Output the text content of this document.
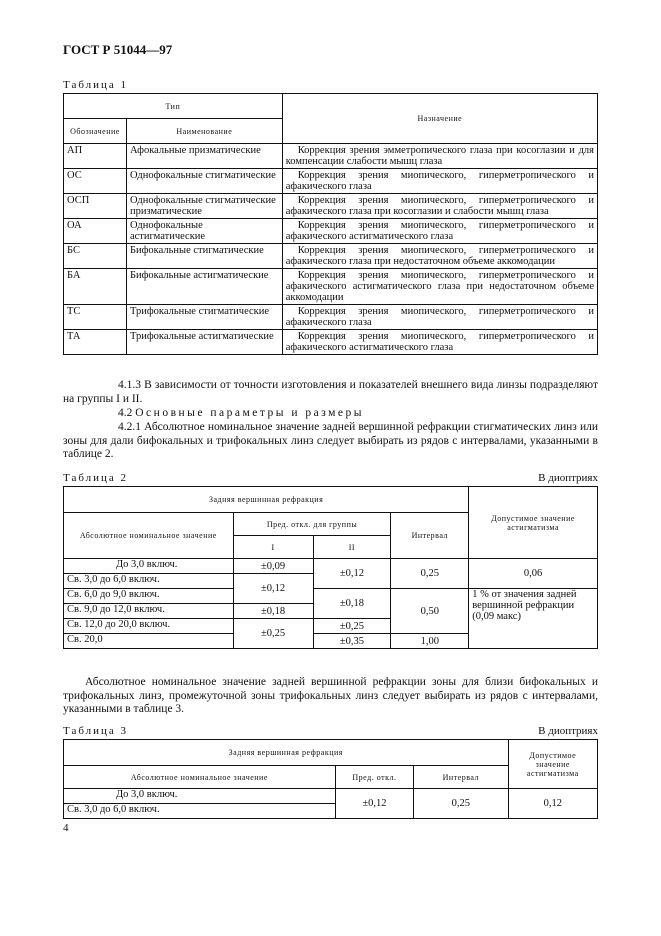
ГОСТ Р 51044—97
Таблица 1
Тип		Назначение
Обозначение	Наименование	
АП	Афокальные призматические	Коррекция зрения эмметропического глаза при косоглазии и для компенсации слабости мышц глаза
ОС	Однофокальные стигматические	Коррекция зрения миопического, гиперметропического и афакического глаза
ОСП	Однофокальные стигматические призматические	Коррекция зрения миопического, гиперметропического и афакического глаза при косоглазии и слабости мышц глаза
ОА	Однофокальные астигматические	Коррекция зрения миопического, гиперметропического и афакического астигматического глаза
БС	Бифокальные стигматические	Коррекция зрения миопического, гиперметропического и афакического глаза при недостаточном объеме аккомодации
БА	Бифокальные астигматические	Коррекция зрения миопического, гиперметропического и афакического астигматического глаза при недостаточном объеме аккомодации
ТС	Трифокальные стигматические	Коррекция зрения миопического, гиперметропического и афакического глаза
ТА	Трифокальные астигматические	Коррекция зрения миопического, гиперметропического и афакического астигматического глаза
4.1.3 В зависимости от точности изготовления и показателей внешнего вида линзы подразделяют на группы I и II.
4.2 Основные параметры и размеры
4.2.1 Абсолютное номинальное значение задней вершинной рефракции стигматических линз или зоны для дали бифокальных и трифокальных линз следует выбирать из рядов с интервалами, указанными в таблице 2.
Таблица 2	В диоптриях
Задняя вершинная рефракция				Допустимое значение астигматизма
Абсолютное номинальное значение	Пред. откл. для группы		Интервал	
	I	II		
До 3,0 включ.	±0,09	±0,12	0,25	0,06
Св. 3,0 до 6,0 включ.	±0,12			
Св. 6,0 до 9,0 включ.		±0,18	0,50	1 % от значения задней вершинной рефракции (0,09 макс)
Св. 9,0 до 12,0 включ.	±0,18			
Св. 12,0 до 20,0 включ.	±0,25	±0,25		
Св. 20,0		±0,35	1,00	
Абсолютное номинальное значение задней вершинной рефракции зоны для близи бифокальных и трифокальных линз, промежуточной зоны трифокальных линз следует выбирать из рядов с интервалами, указанными в таблице 3.
Таблица 3	В диоптриях
Задняя вершинная рефракция			Допустимое значение астигматизма
Абсолютное номинальное значение	Пред. откл.	Интервал	
До 3,0 включ.	±0,12	0,25	0,12
Св. 3,0 до 6,0 включ.			
4
